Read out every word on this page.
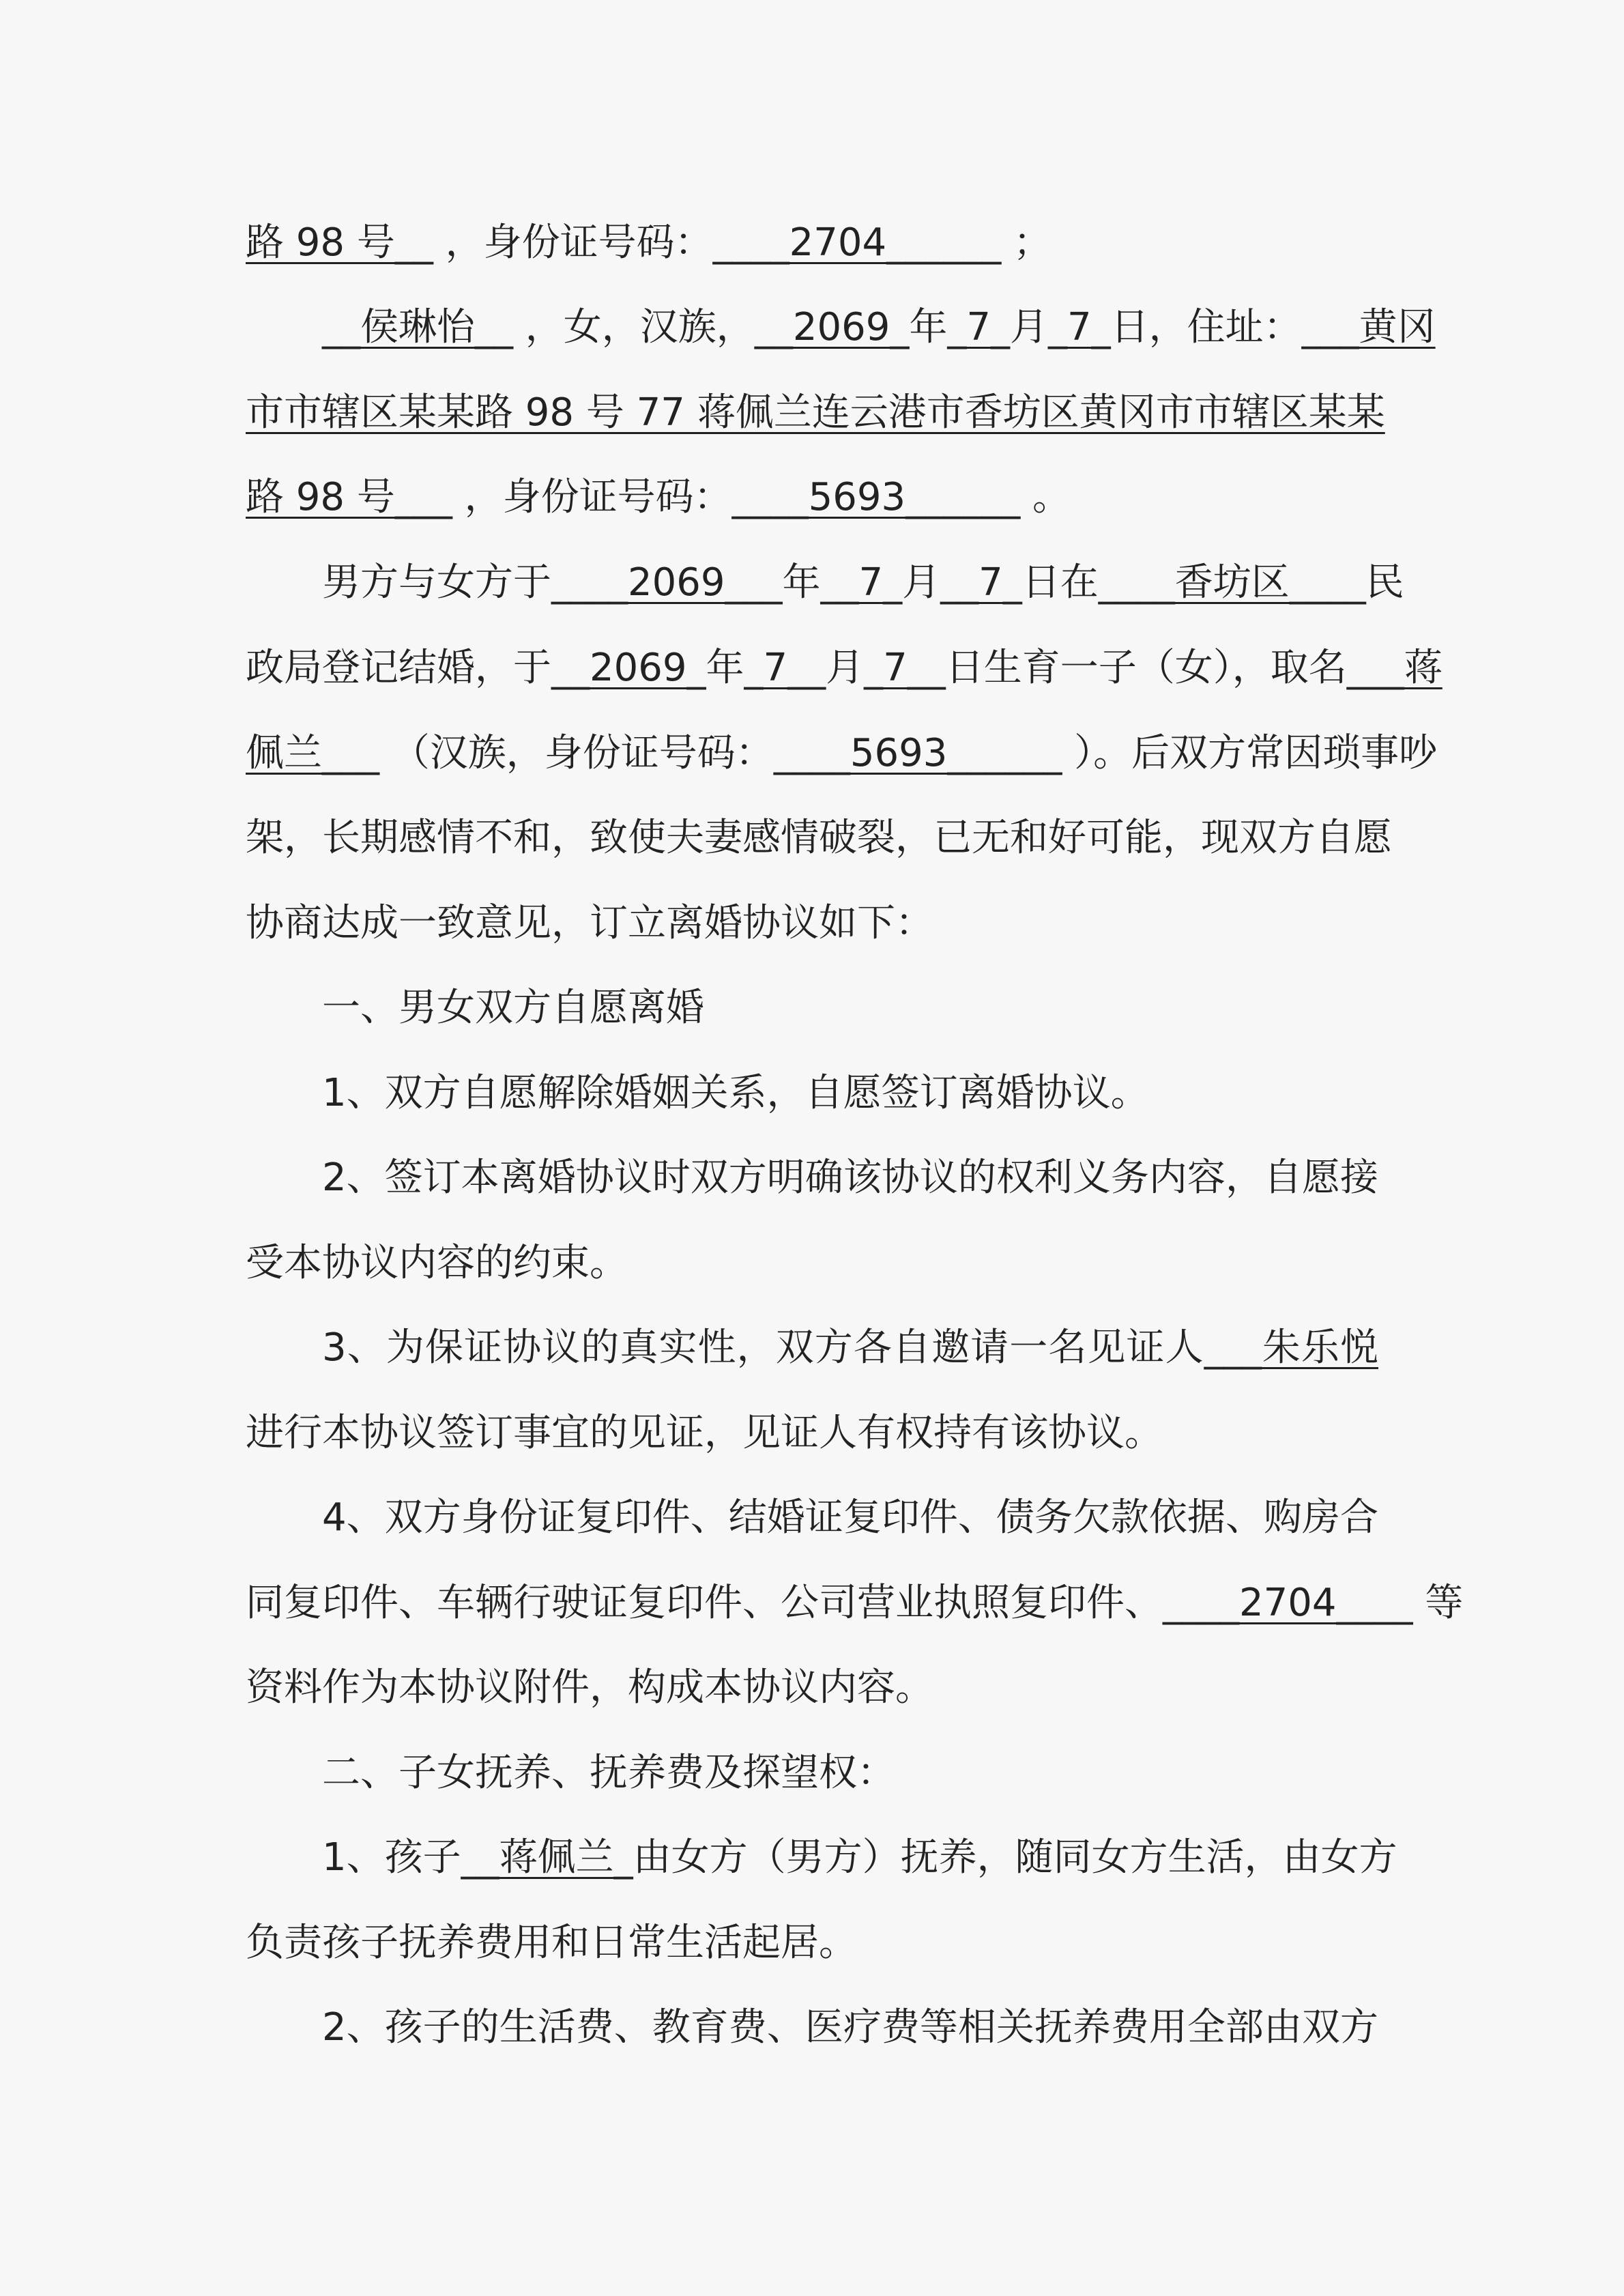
路 98 号__ ，身份证号码：____2704______ ；
__侯琳怡__ ，女，汉族，__2069_年_7_月_7_日，住址：___黄冈
市市辖区某某路 98 号 77 蒋佩兰连云港市香坊区黄冈市市辖区某某
路 98 号___ ，身份证号码：____5693______ 。
男方与女方于____2069___年__7_月__7_日在____香坊区____民
政局登记结婚，于__2069_年_7__月_7__日生育一子（女），取名___蒋
佩兰___ （汉族，身份证号码：____5693______ ）。后双方常因琐事吵
架，长期感情不和，致使夫妻感情破裂，已无和好可能，现双方自愿
协商达成一致意见，订立离婚协议如下：
一、男女双方自愿离婚
1、双方自愿解除婚姻关系，自愿签订离婚协议。
2、签订本离婚协议时双方明确该协议的权利义务内容，自愿接
受本协议内容的约束。
3、为保证协议的真实性，双方各自邀请一名见证人___朱乐悦
进行本协议签订事宜的见证，见证人有权持有该协议。
4、双方身份证复印件、结婚证复印件、债务欠款依据、购房合
同复印件、车辆行驶证复印件、公司营业执照复印件、____2704____ 等
资料作为本协议附件，构成本协议内容。
二、子女抚养、抚养费及探望权：
1、孩子__蒋佩兰_由女方（男方）抚养，随同女方生活，由女方
负责孩子抚养费用和日常生活起居。
2、孩子的生活费、教育费、医疗费等相关抚养费用全部由双方
